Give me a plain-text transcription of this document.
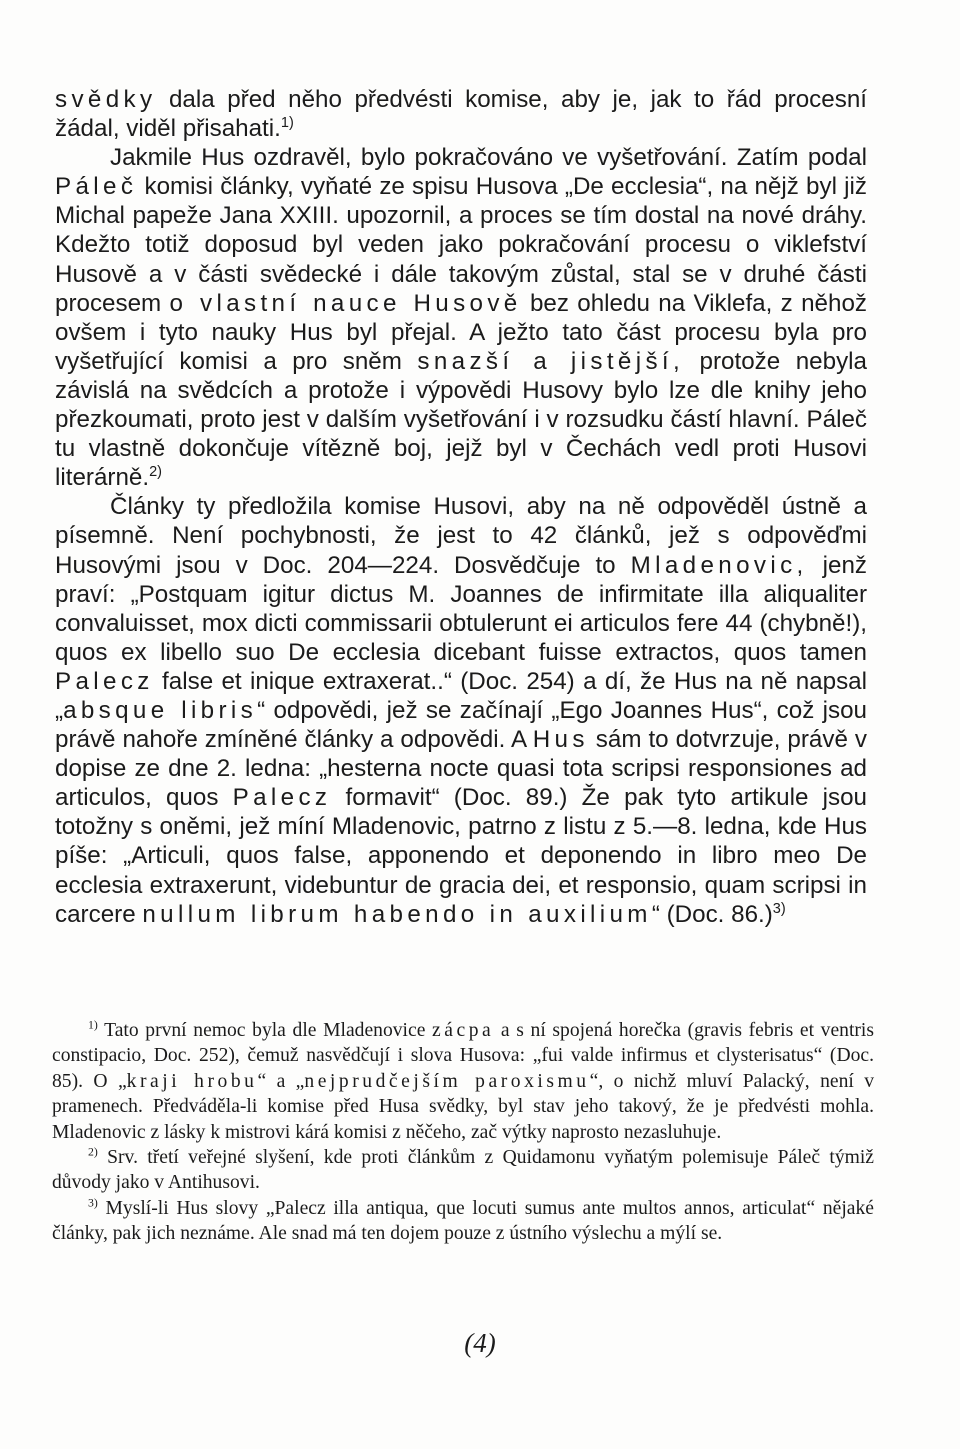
svědky dala před něho předvésti komise, aby je, jak to řád procesní žádal, viděl přisahati.$^{1)}$

Jakmile Hus ozdravěl, bylo pokračováno ve vyšetřování. Zatím podal Páleč komisi články, vyňaté ze spisu Husova „De ecclesia“, na nějž byl již Michal papeže Jana XXIII. upozornil, a proces se tím dostal na nové dráhy. Kdežto totiž doposud byl veden jako pokračování procesu o viklefství Husově a v části svědecké i dále takovým zůstal, stal se v druhé části procesem o vlastní nauce Husově bez ohledu na Viklefa, z něhož ovšem i tyto nauky Hus byl přejal. A ježto tato část procesu byla pro vyšetřující komisi a pro sněm snazší a jistější, protože nebyla závislá na svědcích a protože i výpovědi Husovy bylo lze dle knihy jeho přezkoumati, proto jest v dalším vyšetřování i v rozsudku částí hlavní. Páleč tu vlastně dokončuje vítězně boj, jejž byl v Čechách vedl proti Husovi literárně.$^{2)}$

Články ty předložila komise Husovi, aby na ně odpověděl ústně a písemně. Není pochybnosti, že jest to 42 článků, jež s odpověďmi Husovými jsou v Doc. 204—224. Dosvědčuje to Mladenovic, jenž praví: „Postquam igitur dictus M. Joannes de infirmitate illa aliqualiter convaluisset, mox dicti commissarii obtulerunt ei articulos fere 44 (chybně!), quos ex libello suo De ecclesia dicebant fuisse extractos, quos tamen Palecz false et inique extraxerat..“ (Doc. 254) a dí, že Hus na ně napsal „absque libris“ odpovědi, jež se začínají „Ego Joannes Hus“, což jsou právě nahoře zmíněné články a odpovědi. A Hus sám to dotvrzuje, právě v dopise ze dne 2. ledna: „hesterna nocte quasi tota scripsi responsiones ad articulos, quos Palecz formavit“ (Doc. 89.) Že pak tyto artikule jsou totožny s oněmi, jež míní Mladenovic, patrno z listu z 5.—8. ledna, kde Hus píše: „Articuli, quos false, apponendo et deponendo in libro meo De ecclesia extraxerunt, videbuntur de gracia dei, et responsio, quam scripsi in carcere nullum librum habendo in auxilium“ (Doc. 86.)$^{3)}$

$^{1)}$ Tato první nemoc byla dle Mladenovice zácpa a s ní spojená horečka (gravis febris et ventris constipacio, Doc. 252), čemuž nasvědčují i slova Husova: „fui valde infirmus et clysterisatus“ (Doc. 85). O „kraji hrobu“ a „nejprudčejším paroxismu“, o nichž mluví Palacký, není v pramenech. Předváděla-li komise před Husa svědky, byl stav jeho takový, že je předvésti mohla. Mladenovic z lásky k mistrovi kárá komisi z něčeho, zač výtky naprosto nezasluhuje.

$^{2)}$ Srv. třetí veřejné slyšení, kde proti článkům z Quidamonu vyňatým polemisuje Páleč týmiž důvody jako v Antihusovi.

$^{3)}$ Myslí-li Hus slovy „Palecz illa antiqua, que locuti sumus ante multos annos, articulat“ nějaké články, pak jich neznáme. Ale snad má ten dojem pouze z ústního výslechu a mýlí se.

(4)
